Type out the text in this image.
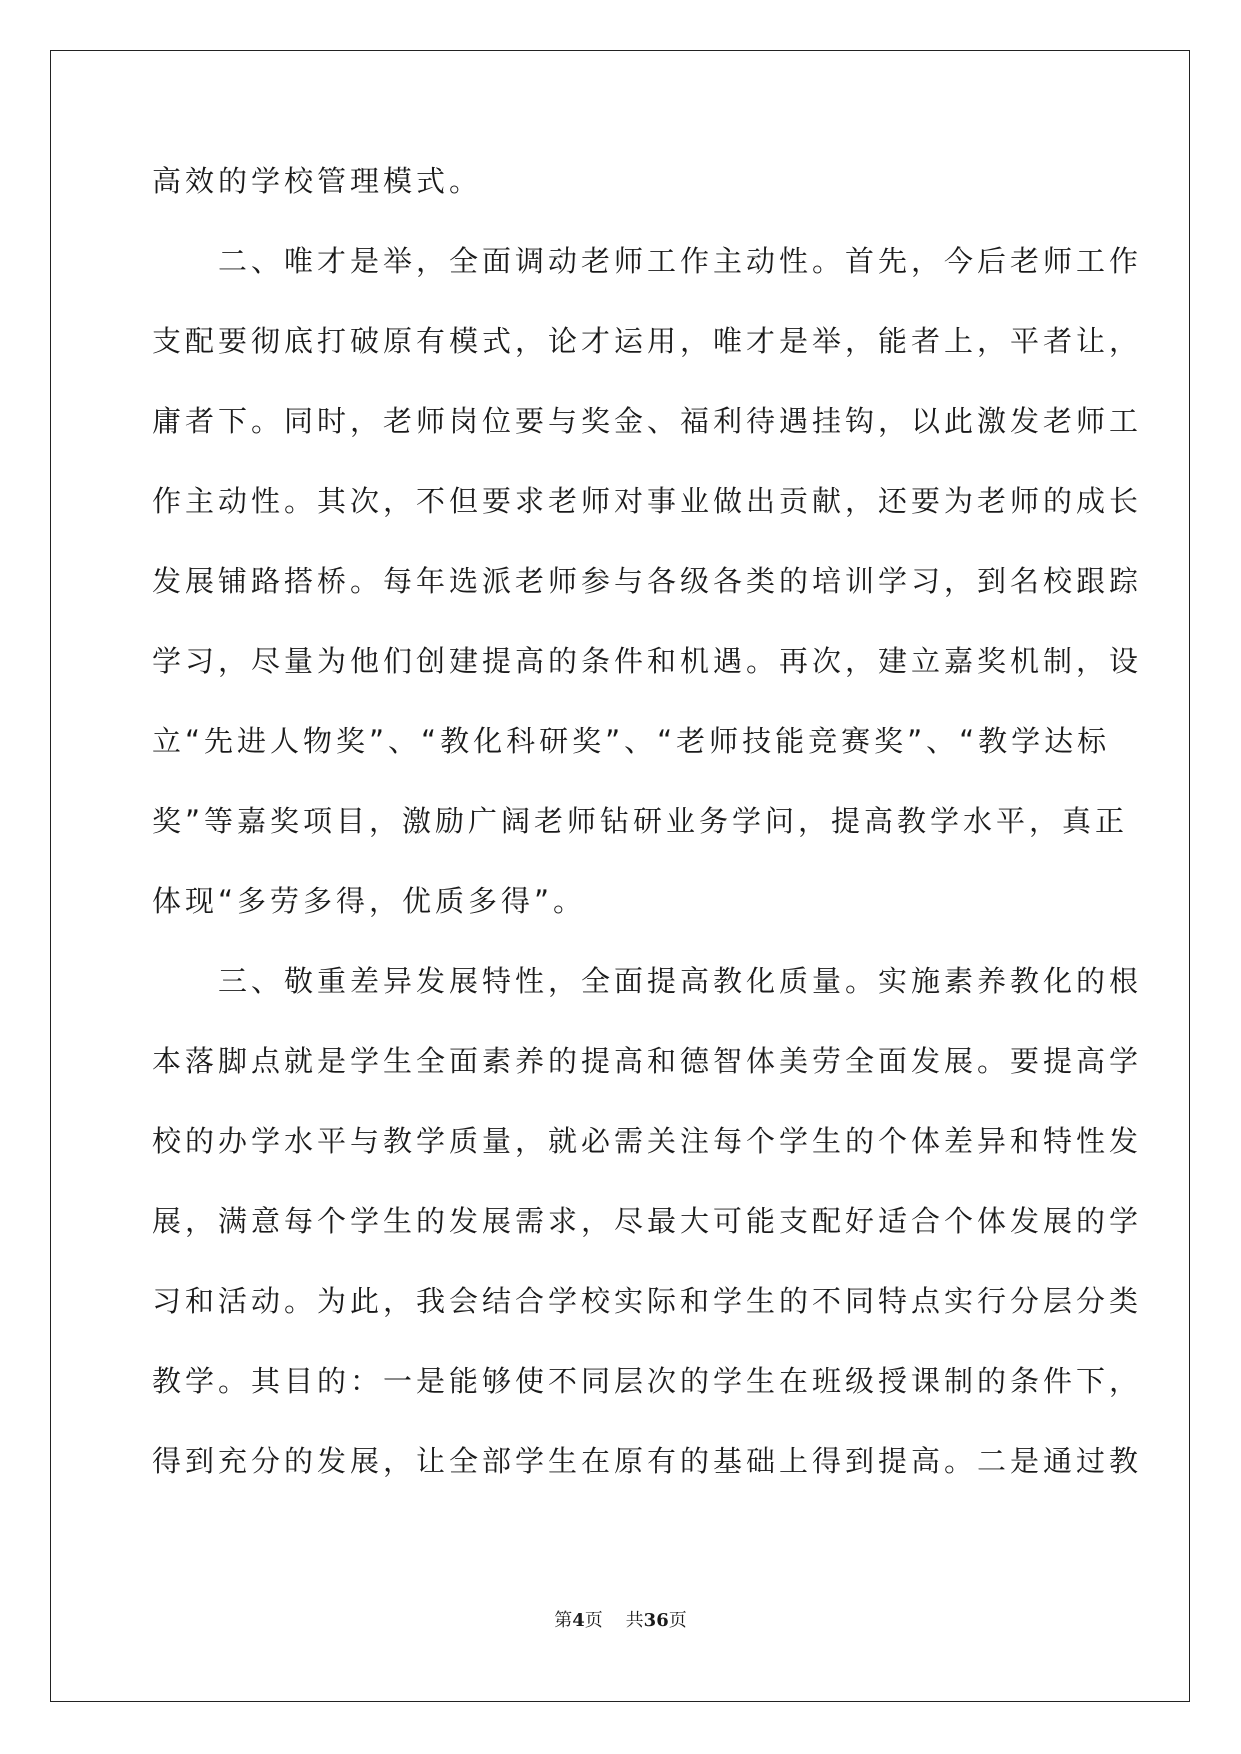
高效的学校管理模式。
二、唯才是举，全面调动老师工作主动性。首先，今后老师工作
支配要彻底打破原有模式，论才运用，唯才是举，能者上，平者让，
庸者下。同时，老师岗位要与奖金、福利待遇挂钩，以此激发老师工
作主动性。其次，不但要求老师对事业做出贡献，还要为老师的成长
发展铺路搭桥。每年选派老师参与各级各类的培训学习，到名校跟踪
学习，尽量为他们创建提高的条件和机遇。再次，建立嘉奖机制，设
立“先进人物奖”、“教化科研奖”、“老师技能竞赛奖”、“教学达标
奖”等嘉奖项目，激励广阔老师钻研业务学问，提高教学水平，真正
体现“多劳多得，优质多得”。
三、敬重差异发展特性，全面提高教化质量。实施素养教化的根
本落脚点就是学生全面素养的提高和德智体美劳全面发展。要提高学
校的办学水平与教学质量，就必需关注每个学生的个体差异和特性发
展，满意每个学生的发展需求，尽最大可能支配好适合个体发展的学
习和活动。为此，我会结合学校实际和学生的不同特点实行分层分类
教学。其目的：一是能够使不同层次的学生在班级授课制的条件下，
得到充分的发展，让全部学生在原有的基础上得到提高。二是通过教
第4页 共36页
